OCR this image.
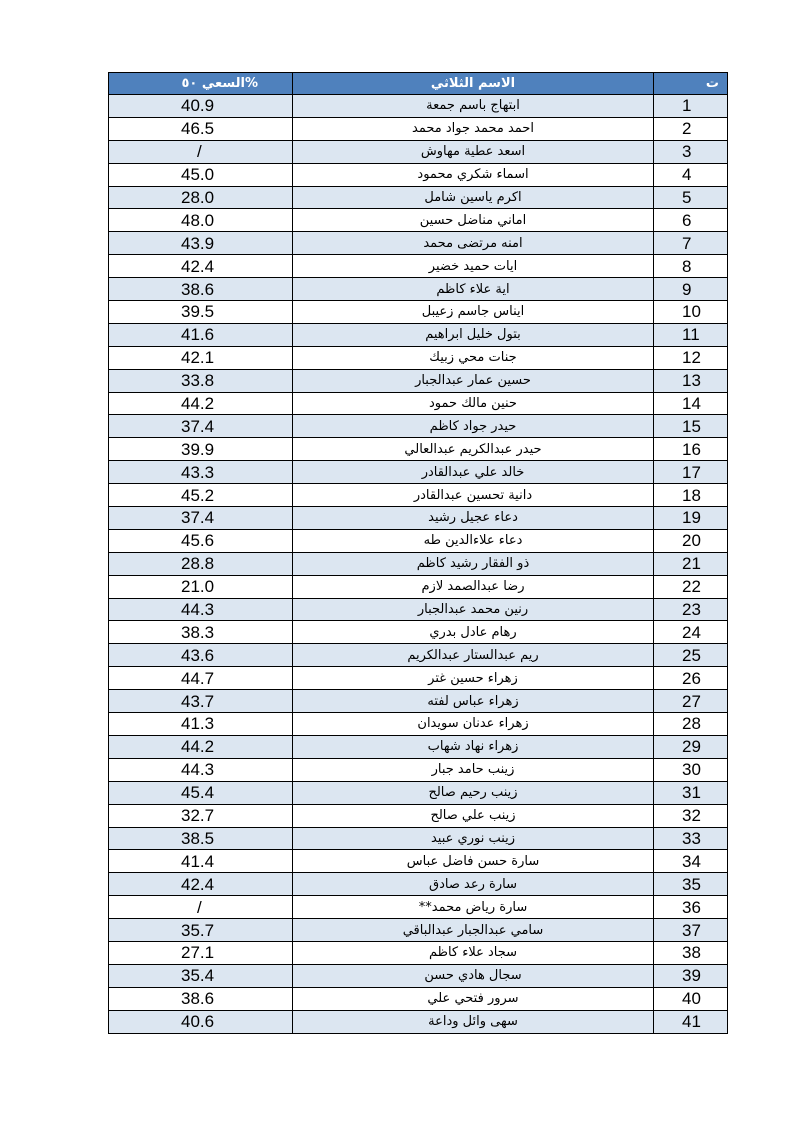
السعي ٥٠%	الاسم الثلاثي	ت
40.9	ابتهاج باسم جمعة	1
46.5	احمد محمد جواد محمد	2
/	اسعد عطية مهاوش	3
45.0	اسماء شكري محمود	4
28.0	اكرم ياسين شامل	5
48.0	اماني مناضل حسين	6
43.9	امنه مرتضى محمد	7
42.4	ايات حميد خضير	8
38.6	اية علاء كاظم	9
39.5	ايناس جاسم زعيبل	10
41.6	بتول خليل ابراهيم	11
42.1	جنات محي زبيك	12
33.8	حسين عمار عبدالجبار	13
44.2	حنين مالك حمود	14
37.4	حيدر جواد كاظم	15
39.9	حيدر عبدالكريم عبدالعالي	16
43.3	خالد علي عبدالقادر	17
45.2	دانية تحسين عبدالقادر	18
37.4	دعاء عجيل رشيد	19
45.6	دعاء علاءالدين طه	20
28.8	ذو الفقار رشيد كاظم	21
21.0	رضا عبدالصمد لازم	22
44.3	رنين محمد عبدالجبار	23
38.3	رهام عادل بدري	24
43.6	ريم عبدالستار عبدالكريم	25
44.7	زهراء حسين غتر	26
43.7	زهراء عباس لفته	27
41.3	زهراء عدنان سويدان	28
44.2	زهراء نهاد شهاب	29
44.3	زينب حامد جبار	30
45.4	زينب رحيم صالح	31
32.7	زينب علي صالح	32
38.5	زينب نوري عبيد	33
41.4	سارة حسن فاضل عباس	34
42.4	سارة رعد صادق	35
/	سارة رياض محمد**	36
35.7	سامي عبدالجبار عبدالباقي	37
27.1	سجاد علاء كاظم	38
35.4	سجال هادي حسن	39
38.6	سرور فتحي علي	40
40.6	سهى وائل وداعة	41
